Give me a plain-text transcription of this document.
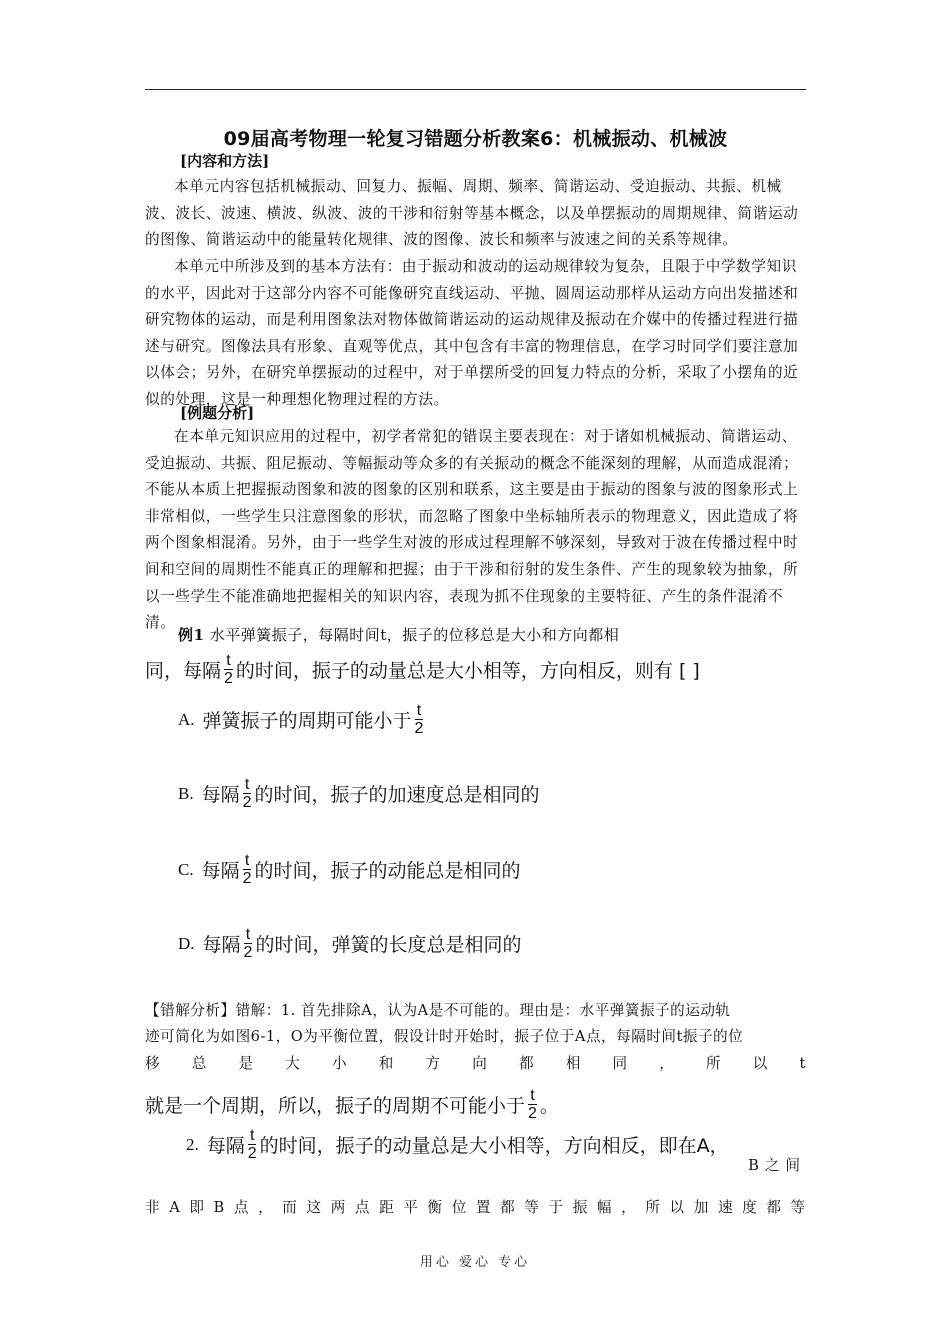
09届高考物理一轮复习错题分析教案6：机械振动、机械波
[内容和方法]
本单元内容包括机械振动、回复力、振幅、周期、频率、简谐运动、受迫振动、共振、机械波、波长、波速、横波、纵波、波的干涉和衍射等基本概念，以及单摆振动的周期规律、简谐运动的图像、简谐运动中的能量转化规律、波的图像、波长和频率与波速之间的关系等规律。
本单元中所涉及到的基本方法有：由于振动和波动的运动规律较为复杂，且限于中学数学知识的水平，因此对于这部分内容不可能像研究直线运动、平抛、圆周运动那样从运动方向出发描述和研究物体的运动，而是利用图象法对物体做简谐运动的运动规律及振动在介媒中的传播过程进行描述与研究。图像法具有形象、直观等优点，其中包含有丰富的物理信息，在学习时同学们要注意加以体会；另外，在研究单摆振动的过程中，对于单摆所受的回复力特点的分析，采取了小摆角的近似的处理，这是一种理想化物理过程的方法。
[例题分析]
在本单元知识应用的过程中，初学者常犯的错误主要表现在：对于诸如机械振动、简谐运动、受迫振动、共振、阻尼振动、等幅振动等众多的有关振动的概念不能深刻的理解，从而造成混淆；不能从本质上把握振动图象和波的图象的区别和联系，这主要是由于振动的图象与波的图象形式上非常相似，一些学生只注意图象的形状，而忽略了图象中坐标轴所表示的物理意义，因此造成了将两个图象相混淆。另外，由于一些学生对波的形成过程理解不够深刻，导致对于波在传播过程中时间和空间的周期性不能真正的理解和把握；由于干涉和衍射的发生条件、产生的现象较为抽象，所以一些学生不能准确地把握相关的知识内容，表现为抓不住现象的主要特征、产生的条件混淆不清。
例1 水平弹簧振子，每隔时间t，振子的位移总是大小和方向都相
同，每隔 $\frac{t}{2}$ 的时间，振子的动量总是大小相等，方向相反，则有 [ ]
A. 弹簧振子的周期可能小于 $\frac{t}{2}$
B. 每隔 $\frac{t}{2}$ 的时间，振子的加速度总是相同的
C. 每隔 $\frac{t}{2}$ 的时间，振子的动能总是相同的
D. 每隔 $\frac{t}{2}$ 的时间，弹簧的长度总是相同的
【错解分析】错解：1. 首先排除A，认为A是不可能的。理由是：水平弹簧振子的运动轨
迹可简化为如图6-1，O为平衡位置，假设计时开始时，振子位于A点，每隔时间t振子的位
移 总 是 大 小 和 方 向 都 相 同 ， 所 以 t
就是一个周期，所以，振子的周期不可能小于 $\frac{t}{2}$ 。
2. 每隔 $\frac{t}{2}$ 的时间，振子的动量总是大小相等，方向相反，即在A，
B之间
非 A 即 B 点 ， 而 这 两 点 距 平 衡 位 置 都 等 于 振 幅 ， 所 以 加 速 度 都 等
用心 爱心 专心
